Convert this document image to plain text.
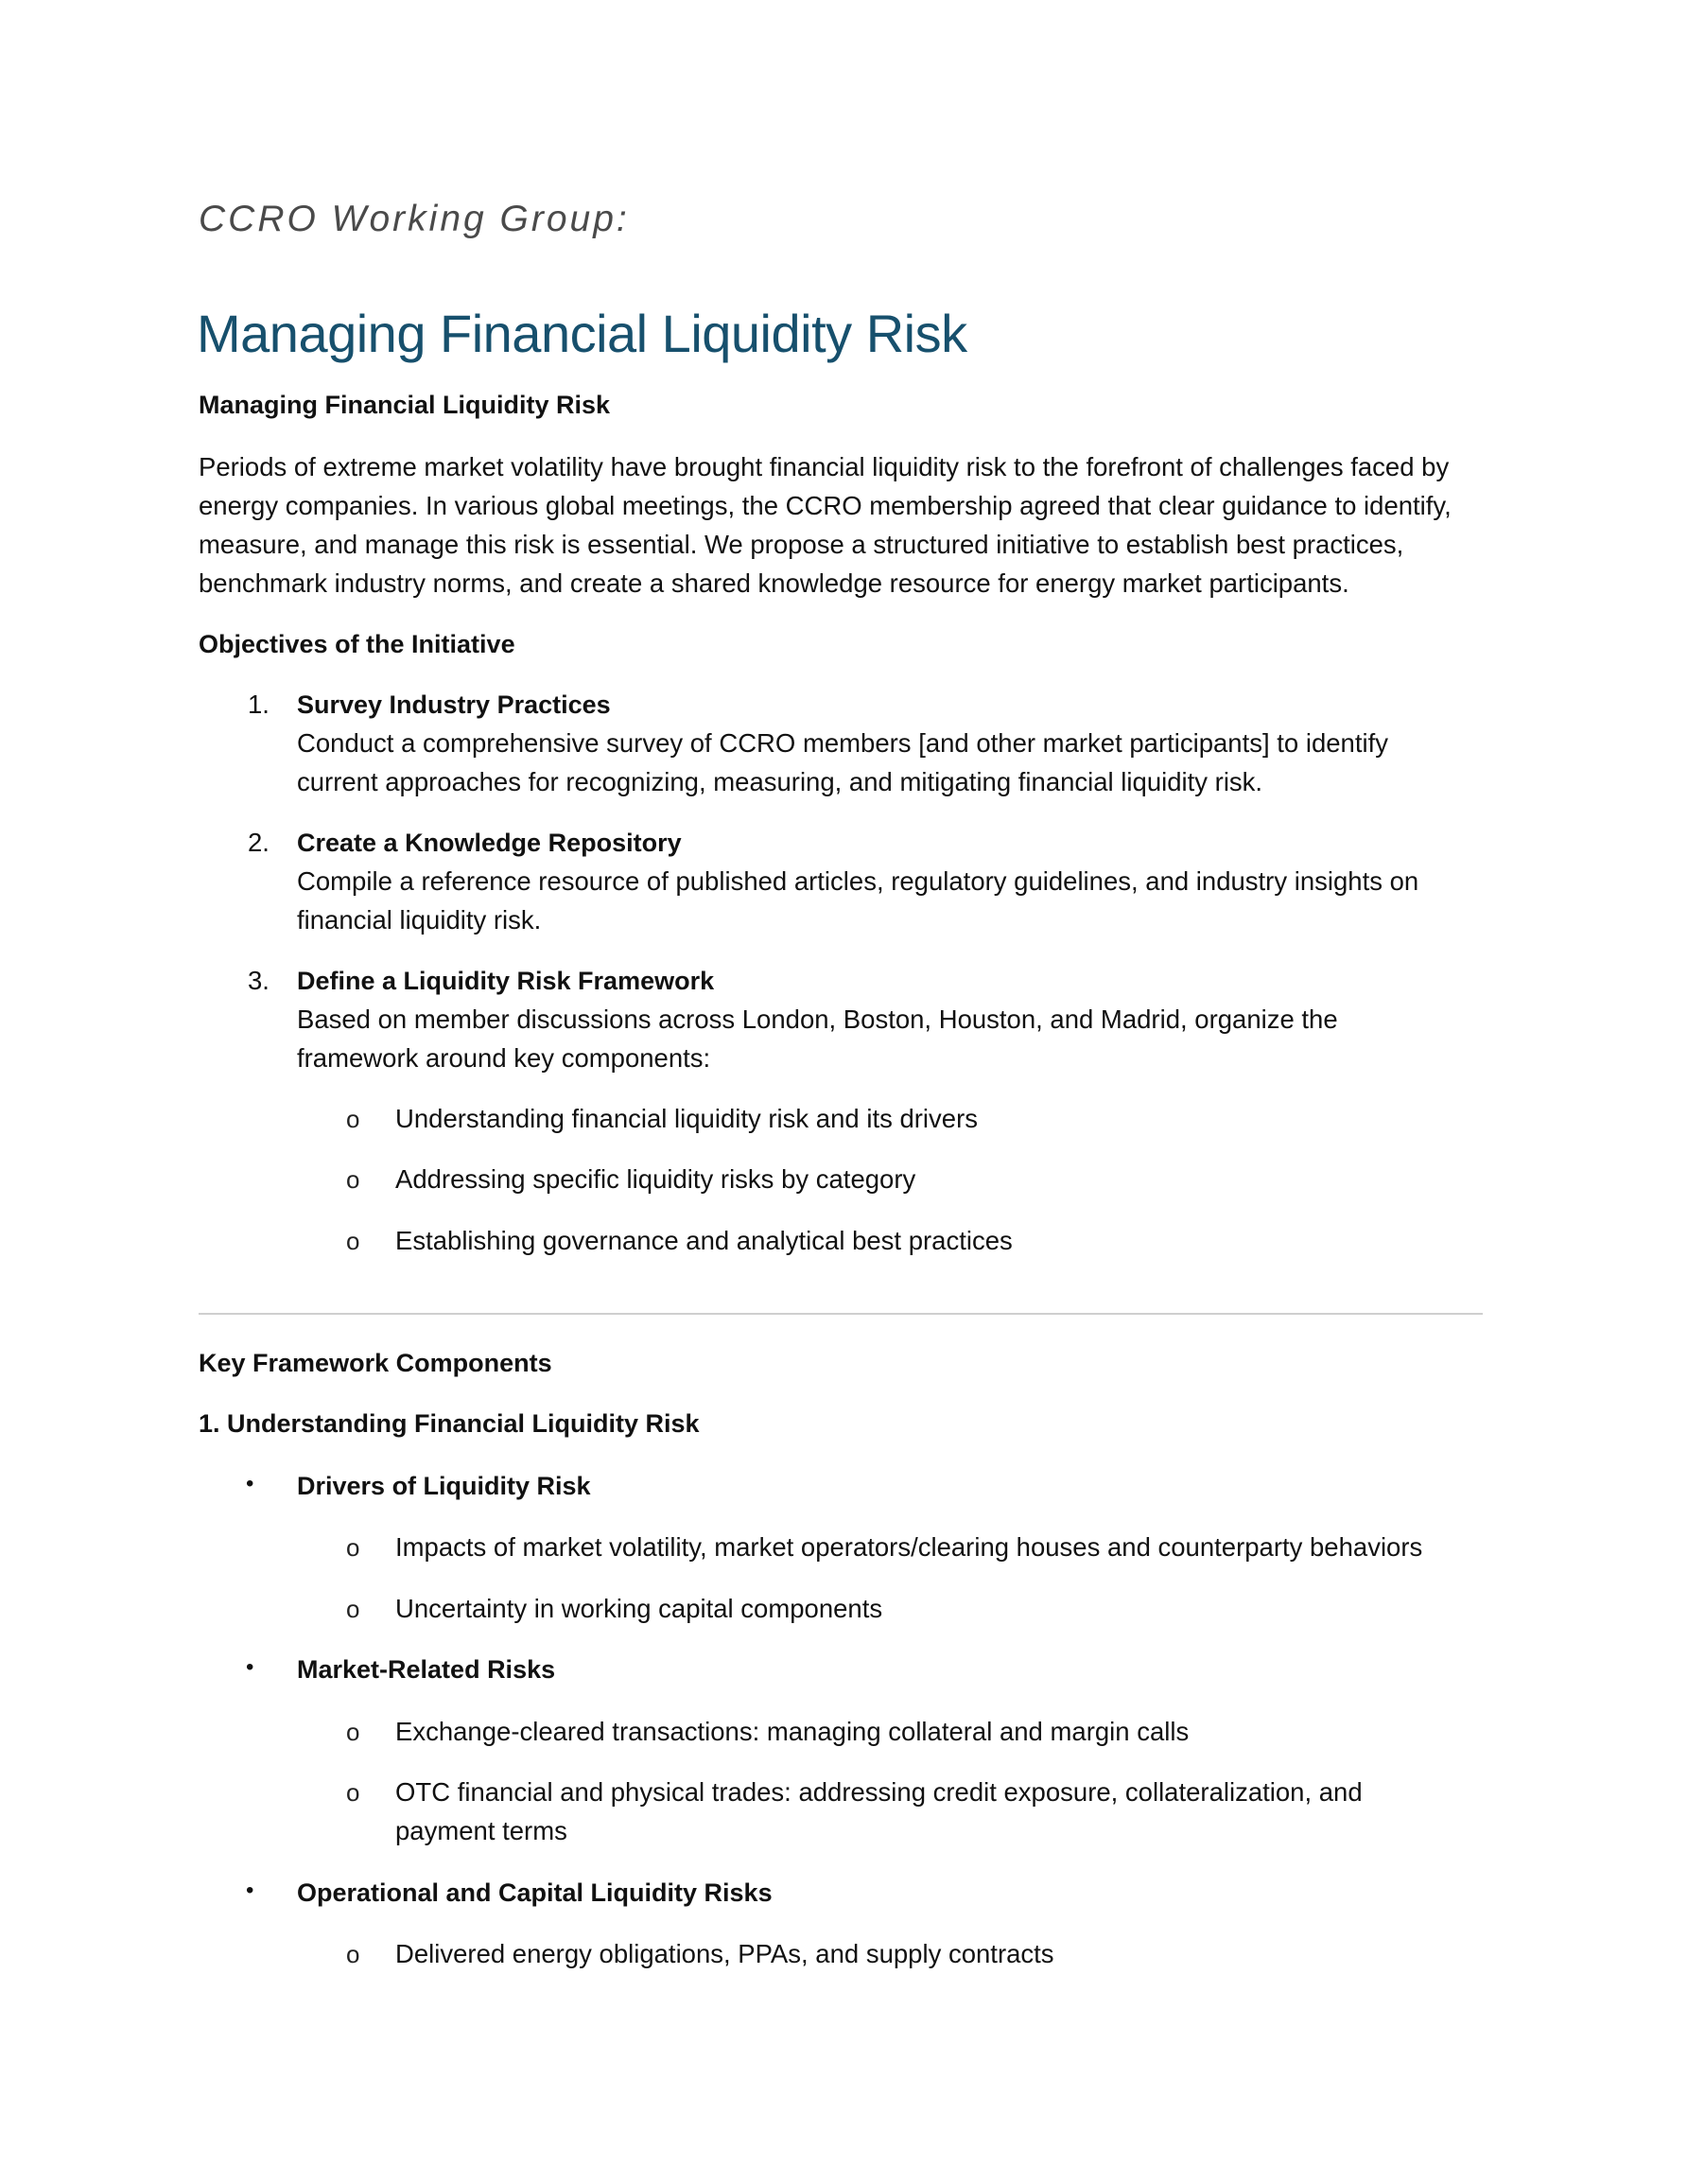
CCRO Working Group:
Managing Financial Liquidity Risk
Managing Financial Liquidity Risk
Periods of extreme market volatility have brought financial liquidity risk to the forefront of challenges faced by
energy companies. In various global meetings, the CCRO membership agreed that clear guidance to identify,
measure, and manage this risk is essential. We propose a structured initiative to establish best practices,
benchmark industry norms, and create a shared knowledge resource for energy market participants.
Objectives of the Initiative
1. Survey Industry Practices
Conduct a comprehensive survey of CCRO members [and other market participants] to identify
current approaches for recognizing, measuring, and mitigating financial liquidity risk.
2. Create a Knowledge Repository
Compile a reference resource of published articles, regulatory guidelines, and industry insights on
financial liquidity risk.
3. Define a Liquidity Risk Framework
Based on member discussions across London, Boston, Houston, and Madrid, organize the
framework around key components:
o Understanding financial liquidity risk and its drivers
o Addressing specific liquidity risks by category
o Establishing governance and analytical best practices
Key Framework Components
1. Understanding Financial Liquidity Risk
• Drivers of Liquidity Risk
o Impacts of market volatility, market operators/clearing houses and counterparty behaviors
o Uncertainty in working capital components
• Market-Related Risks
o Exchange-cleared transactions: managing collateral and margin calls
o OTC financial and physical trades: addressing credit exposure, collateralization, and
payment terms
• Operational and Capital Liquidity Risks
o Delivered energy obligations, PPAs, and supply contracts
